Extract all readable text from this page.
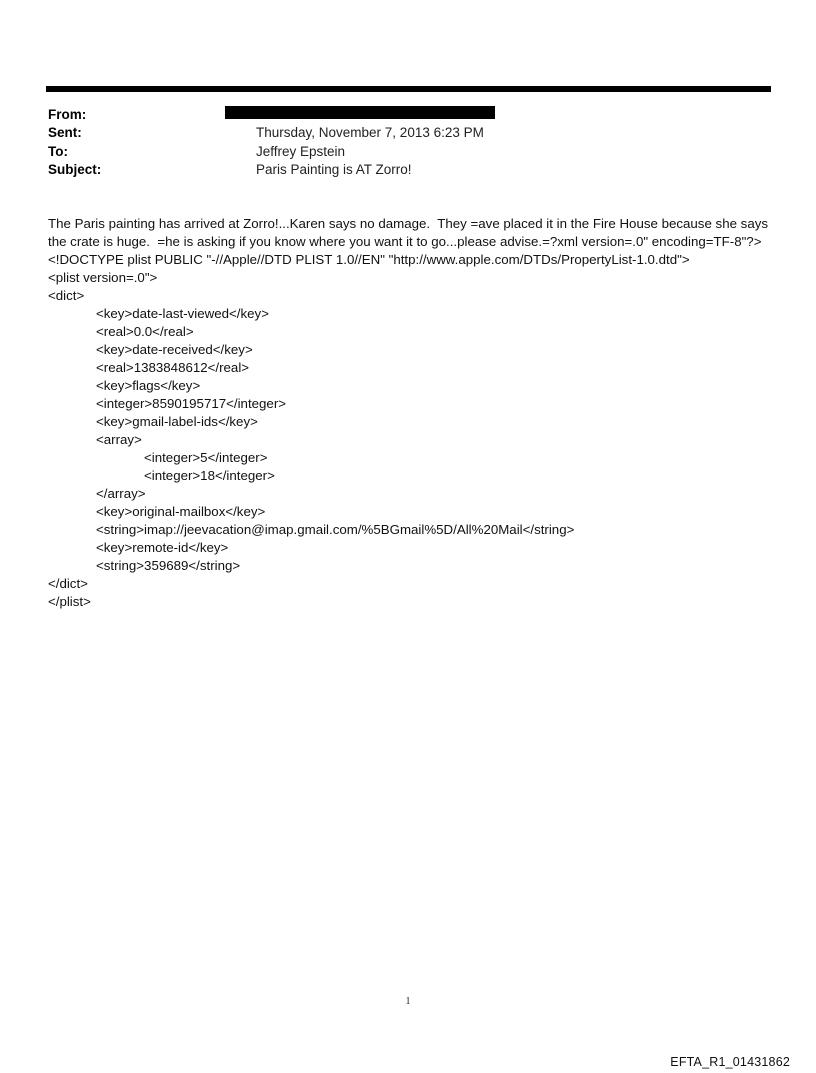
From:
Sent:	Thursday, November 7, 2013 6:23 PM
To:	Jeffrey Epstein
Subject:	Paris Painting is AT Zorro!
The Paris painting has arrived at Zorro!...Karen says no damage.  They =ave placed it in the Fire House because she says
the crate is huge.  =he is asking if you know where you want it to go...please advise.=?xml version=.0" encoding=TF-8"?>
<!DOCTYPE plist PUBLIC "-//Apple//DTD PLIST 1.0//EN" "http://www.apple.com/DTDs/PropertyList-1.0.dtd">
<plist version=.0">
<dict>
<key>date-last-viewed</key>
<real>0.0</real>
<key>date-received</key>
<real>1383848612</real>
<key>flags</key>
<integer>8590195717</integer>
<key>gmail-label-ids</key>
<array>
<integer>5</integer>
<integer>18</integer>
</array>
<key>original-mailbox</key>
<string>imap://jeevacation@imap.gmail.com/%5BGmail%5D/All%20Mail</string>
<key>remote-id</key>
<string>359689</string>
</dict>
</plist>
1
EFTA_R1_01431862
